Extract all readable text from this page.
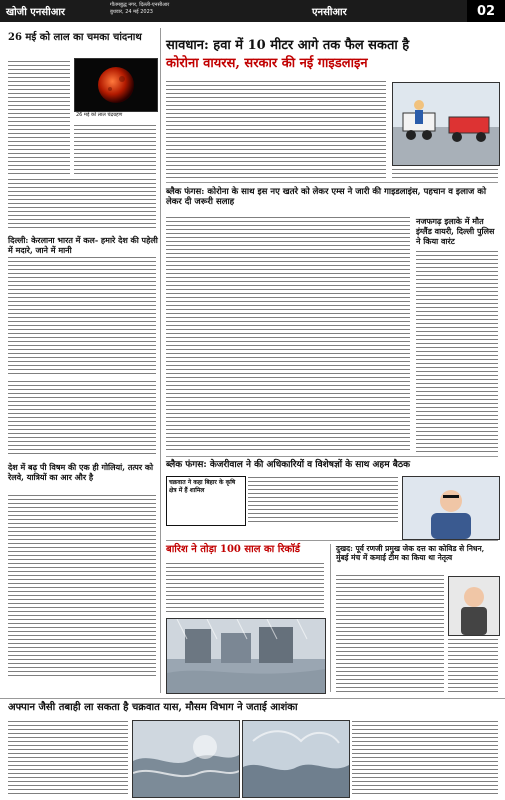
खोजी एनसीआर
गौतमबुद्ध नगर, दिल्ली-एनसीआर
बुधवार, 24 मई 2023	एनसीआर	02
26 मई को लाल का चमका चांदनाथ
26 मई को लाल चंद्रग्रहण
दिल्ली: केरलाना भारत में कल- हमारे देश की पहेली में मदारे, जाने में मानी
देश में बढ़ पी विषम की एक ही गोलियां, तत्पर को रेलवे, यात्रियों का आर और है
सावधान: हवा में 10 मीटर आगे तक फैल सकता है
कोरोना वायरस, सरकार की नई गाइडलाइन
ब्लैक फंगस: कोरोना के साथ इस नए खतरे को लेकर एम्स ने जारी की गाइडलाइंस, पहचान व इलाज को लेकर दी जरूरी सलाह
नजफगढ़ इलाके में मौत इंग्लैंड वायरी, दिल्ली पुलिस ने किया वारंट
ब्लैक फंगस: केजरीवाल ने की अधिकारियों व विशेषज्ञों के साथ अहम बैठक
चक्रवात ने कहा बिहार के कृषि क्षेत्र में हैं शामिल
बारिश ने तोड़ा 100 साल का रिकॉर्ड	दुखद: पूर्व रणजी प्रमुख जेक दत्त का कोविड से निधन, मुंबई मंच में कमाई टीम का किया था नेतृत्व
अफ्पान जैसी तबाही ला सकता है चक्रवात यास, मौसम विभाग ने जताई आशंका
